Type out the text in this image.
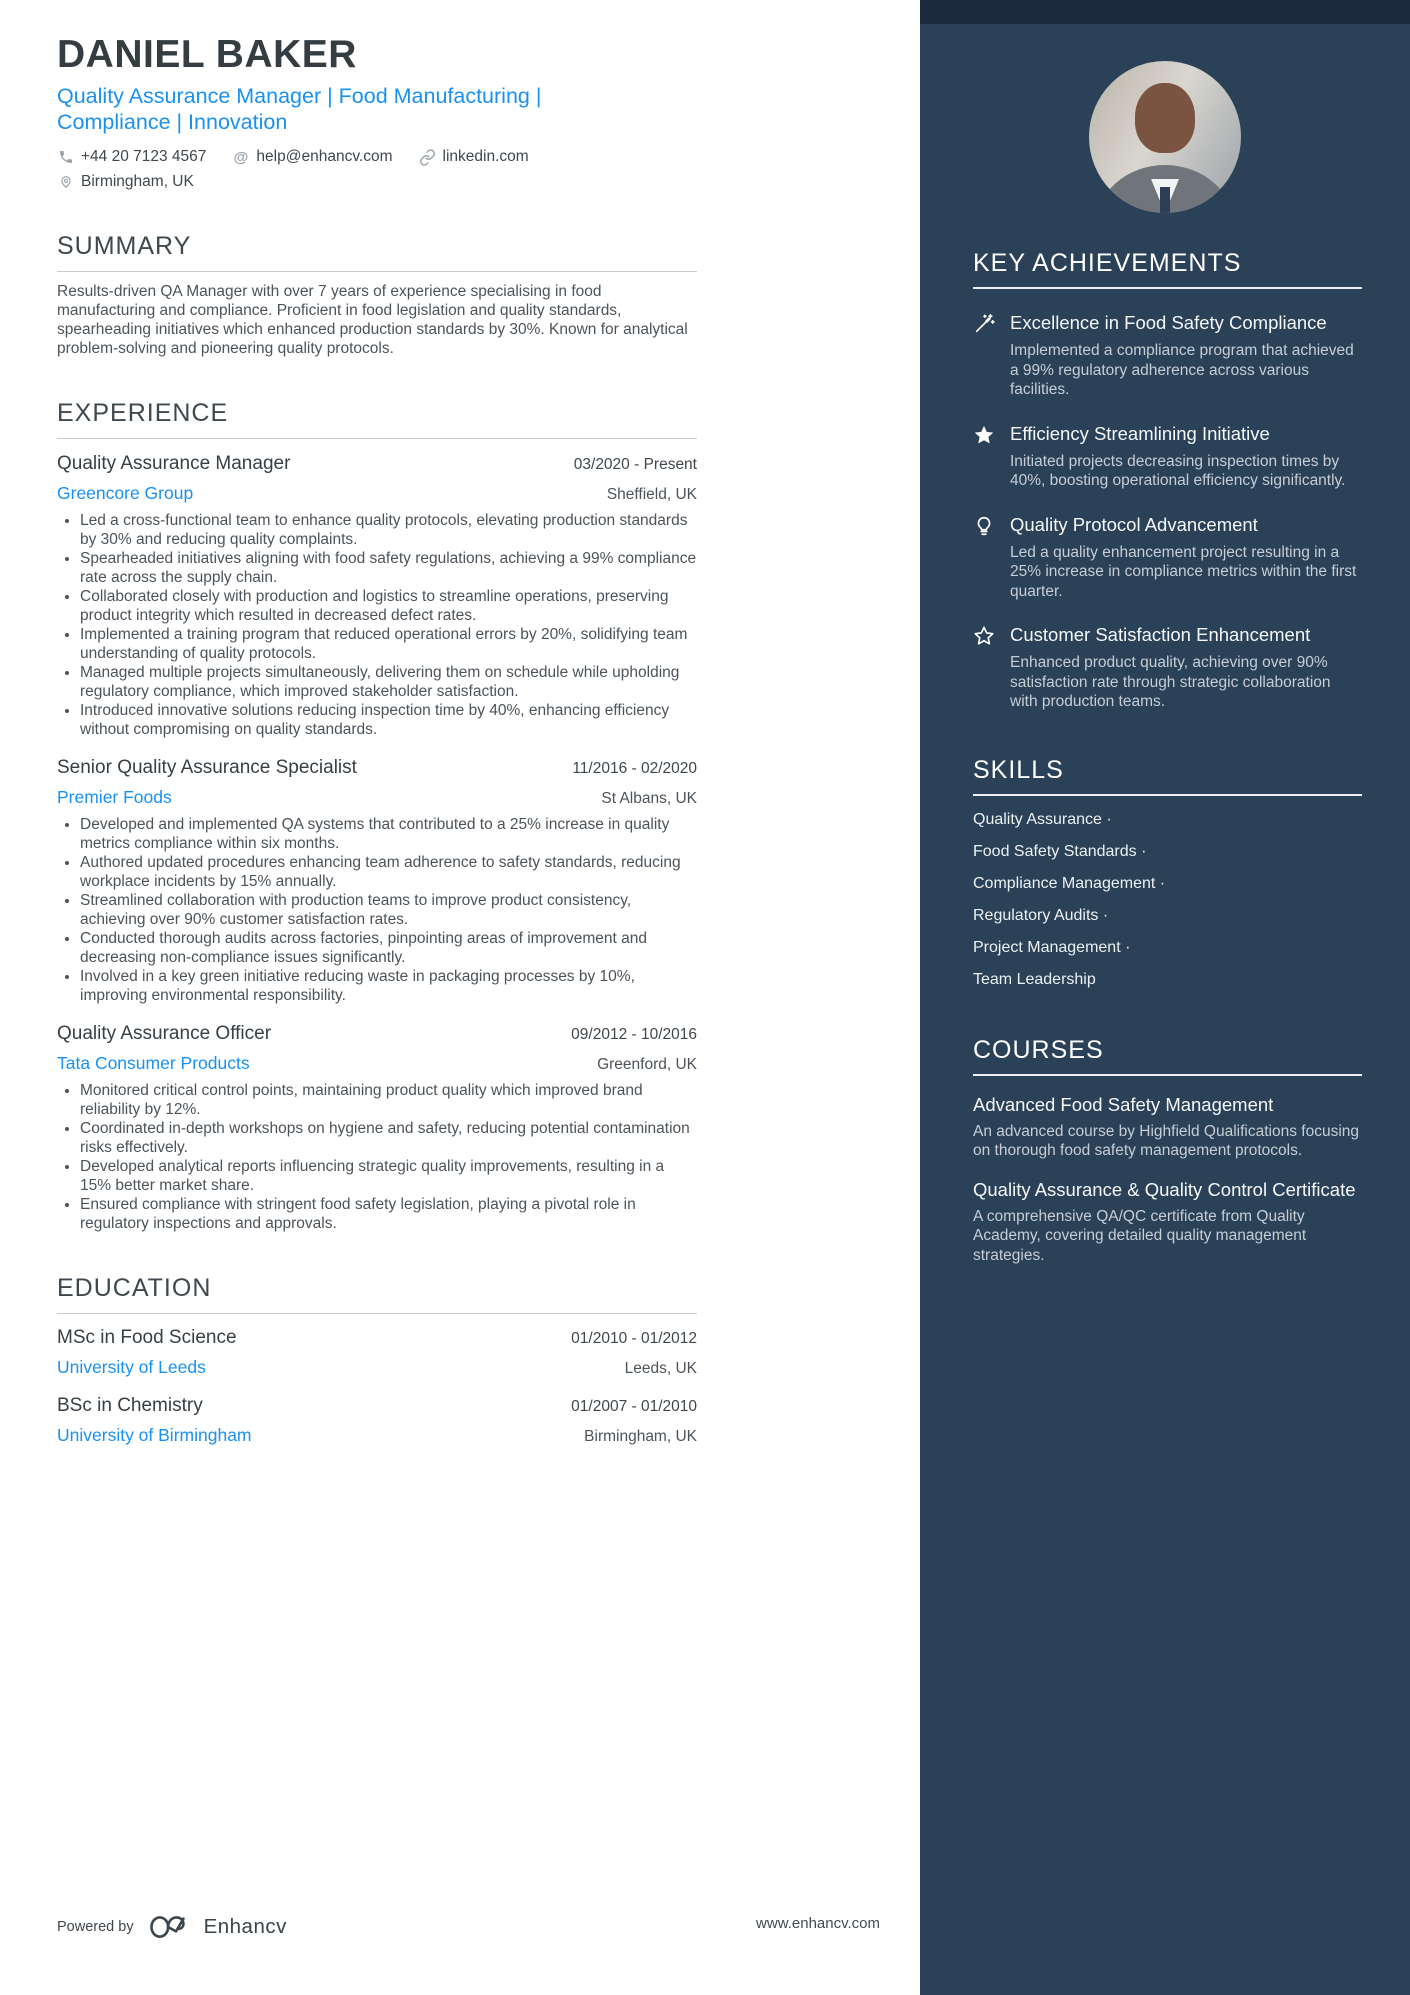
DANIEL BAKER
Quality Assurance Manager | Food Manufacturing | Compliance | Innovation
+44 20 7123 4567 @ help@enhancv.com	linkedin.com
Birmingham, UK
SUMMARY

Results-driven QA Manager with over 7 years of experience specialising in food manufacturing and compliance. Proficient in food legislation and quality standards, spearheading initiatives which enhanced production standards by 30%. Known for analytical problem-solving and pioneering quality protocols.

EXPERIENCE
Quality Assurance Manager	03/2020 - Present
Greencore Group	Sheffield, UK
Led a cross-functional team to enhance quality protocols, elevating production standards by 30% and reducing quality complaints.
Spearheaded initiatives aligning with food safety regulations, achieving a 99% compliance rate across the supply chain.
Collaborated closely with production and logistics to streamline operations, preserving product integrity which resulted in decreased defect rates.
Implemented a training program that reduced operational errors by 20%, solidifying team understanding of quality protocols.
Managed multiple projects simultaneously, delivering them on schedule while upholding regulatory compliance, which improved stakeholder satisfaction.
Introduced innovative solutions reducing inspection time by 40%, enhancing efficiency without compromising on quality standards.
Senior Quality Assurance Specialist	11/2016 - 02/2020
Premier Foods	St Albans, UK
Developed and implemented QA systems that contributed to a 25% increase in quality metrics compliance within six months.
Authored updated procedures enhancing team adherence to safety standards, reducing workplace incidents by 15% annually.
Streamlined collaboration with production teams to improve product consistency, achieving over 90% customer satisfaction rates.
Conducted thorough audits across factories, pinpointing areas of improvement and decreasing non-compliance issues significantly.
Involved in a key green initiative reducing waste in packaging processes by 10%, improving environmental responsibility.
Quality Assurance Officer	09/2012 - 10/2016
Tata Consumer Products	Greenford, UK
Monitored critical control points, maintaining product quality which improved brand reliability by 12%.
Coordinated in-depth workshops on hygiene and safety, reducing potential contamination risks effectively.
Developed analytical reports influencing strategic quality improvements, resulting in a 15% better market share.
Ensured compliance with stringent food safety legislation, playing a pivotal role in regulatory inspections and approvals.
EDUCATION
MSc in Food Science	01/2010 - 01/2012
University of Leeds	Leeds, UK
BSc in Chemistry	01/2007 - 01/2010
University of Birmingham	Birmingham, UK
Powered by	Enhancv	www.enhancv.com
KEY ACHIEVEMENTS
Excellence in Food Safety Compliance

Implemented a compliance program that achieved a 99% regulatory adherence across various facilities.

Efficiency Streamlining Initiative

Initiated projects decreasing inspection times by 40%, boosting operational efficiency significantly.

Quality Protocol Advancement

Led a quality enhancement project resulting in a 25% increase in compliance metrics within the first quarter.

Customer Satisfaction Enhancement

Enhanced product quality, achieving over 90% satisfaction rate through strategic collaboration with production teams.

SKILLS
Quality Assurance ·
Food Safety Standards ·
Compliance Management ·
Regulatory Audits ·
Project Management ·
Team Leadership
COURSES
Advanced Food Safety Management

An advanced course by Highfield Qualifications focusing on thorough food safety management protocols.

Quality Assurance & Quality Control Certificate

A comprehensive QA/QC certificate from Quality Academy, covering detailed quality management strategies.
